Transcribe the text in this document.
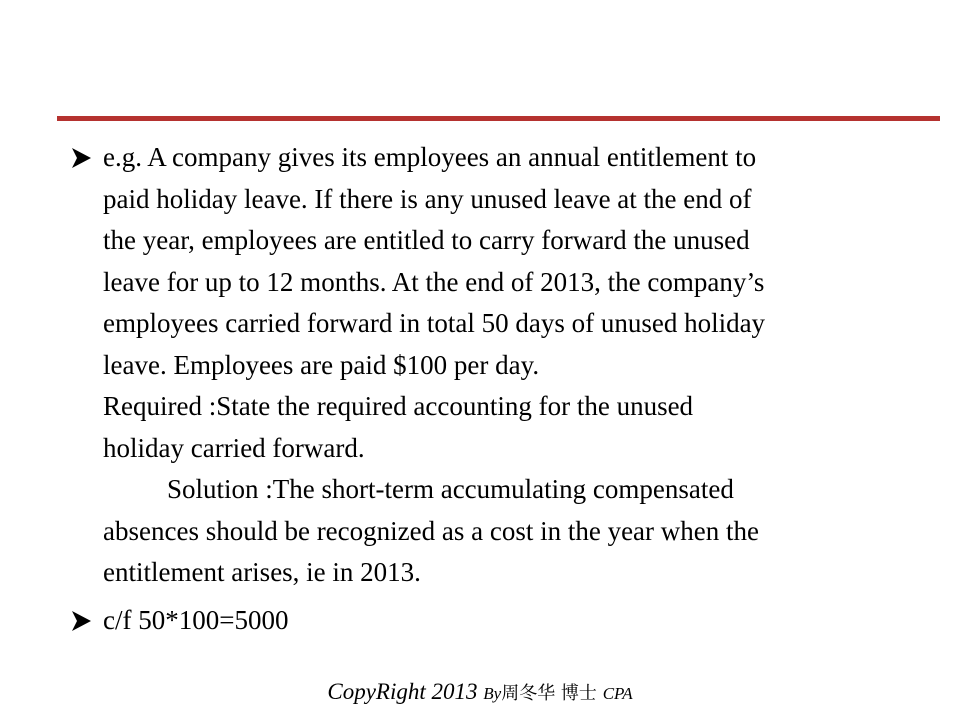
e.g. A company gives its employees an annual entitlement to
paid holiday leave. If there is any unused leave at the end of
the year, employees are entitled to carry forward the unused
leave for up to 12 months. At the end of 2013, the company’s
employees carried forward in total 50 days of unused holiday
leave. Employees are paid $100 per day.
Required :State the required accounting for the unused
holiday carried forward.
Solution :The short-term accumulating compensated
absences should be recognized as a cost in the year when the
entitlement arises, ie in 2013.
c/f 50*100=5000
CopyRight 2013 By周冬华 博士 CPA
